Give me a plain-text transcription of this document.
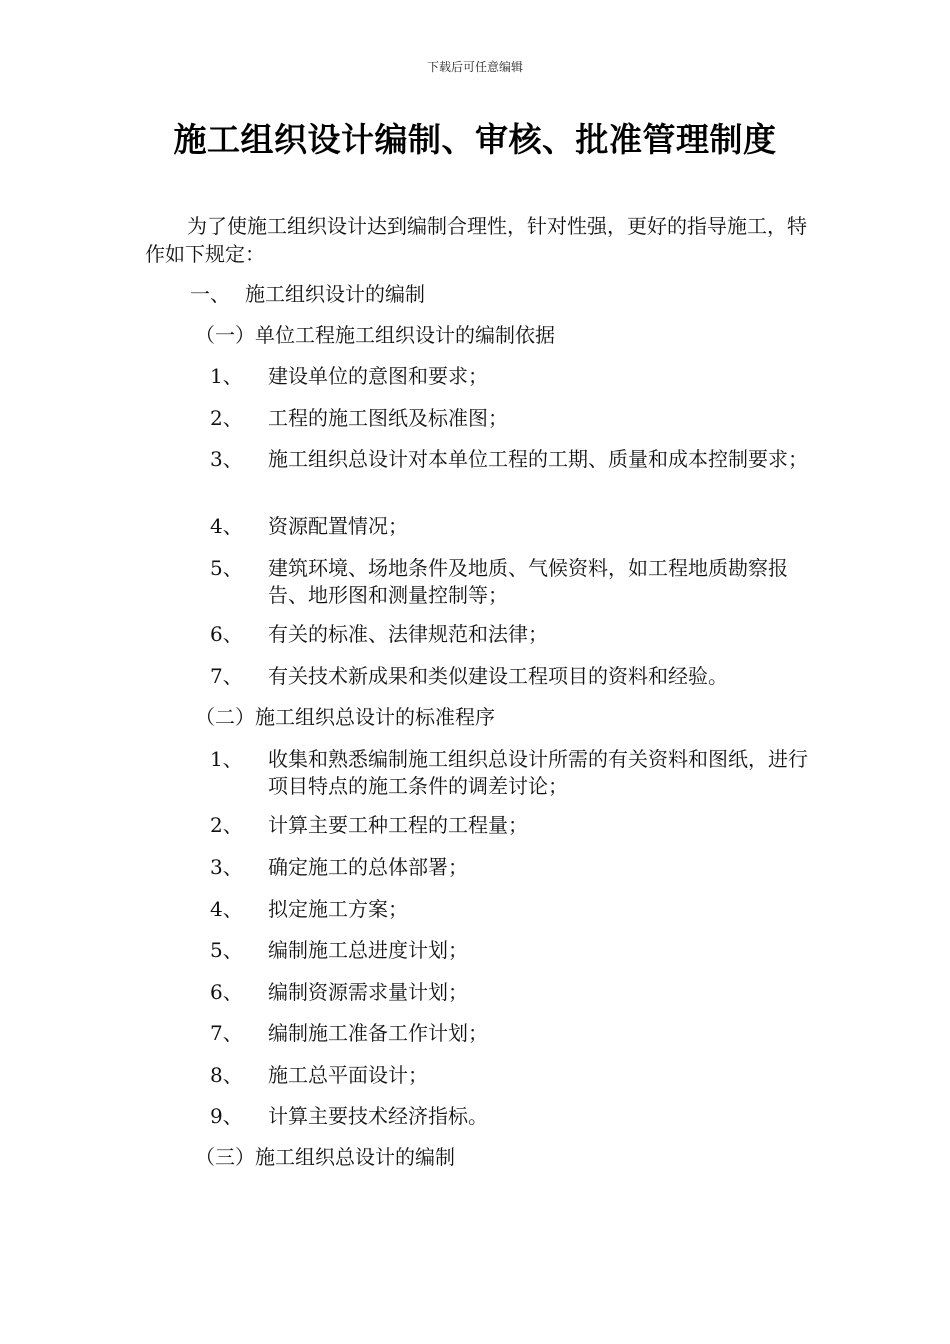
下载后可任意编辑
施工组织设计编制、审核、批准管理制度

为了使施工组织设计达到编制合理性，针对性强，更好的指导施工，特作如下规定：

一、 施工组织设计的编制
（一）单位工程施工组织设计的编制依据
1、	建设单位的意图和要求；
2、	工程的施工图纸及标准图；
3、	施工组织总设计对本单位工程的工期、质量和成本控制要求；
4、	资源配置情况；
5、	建筑环境、场地条件及地质、气候资料，如工程地质勘察报告、地形图和测量控制等；
6、	有关的标准、法律规范和法律；
7、	有关技术新成果和类似建设工程项目的资料和经验。
（二）施工组织总设计的标准程序
1、	收集和熟悉编制施工组织总设计所需的有关资料和图纸，进行项目特点的施工条件的调差讨论；
2、	计算主要工种工程的工程量；
3、	确定施工的总体部署；
4、	拟定施工方案；
5、	编制施工总进度计划；
6、	编制资源需求量计划；
7、	编制施工准备工作计划；
8、	施工总平面设计；
9、	计算主要技术经济指标。
（三）施工组织总设计的编制
